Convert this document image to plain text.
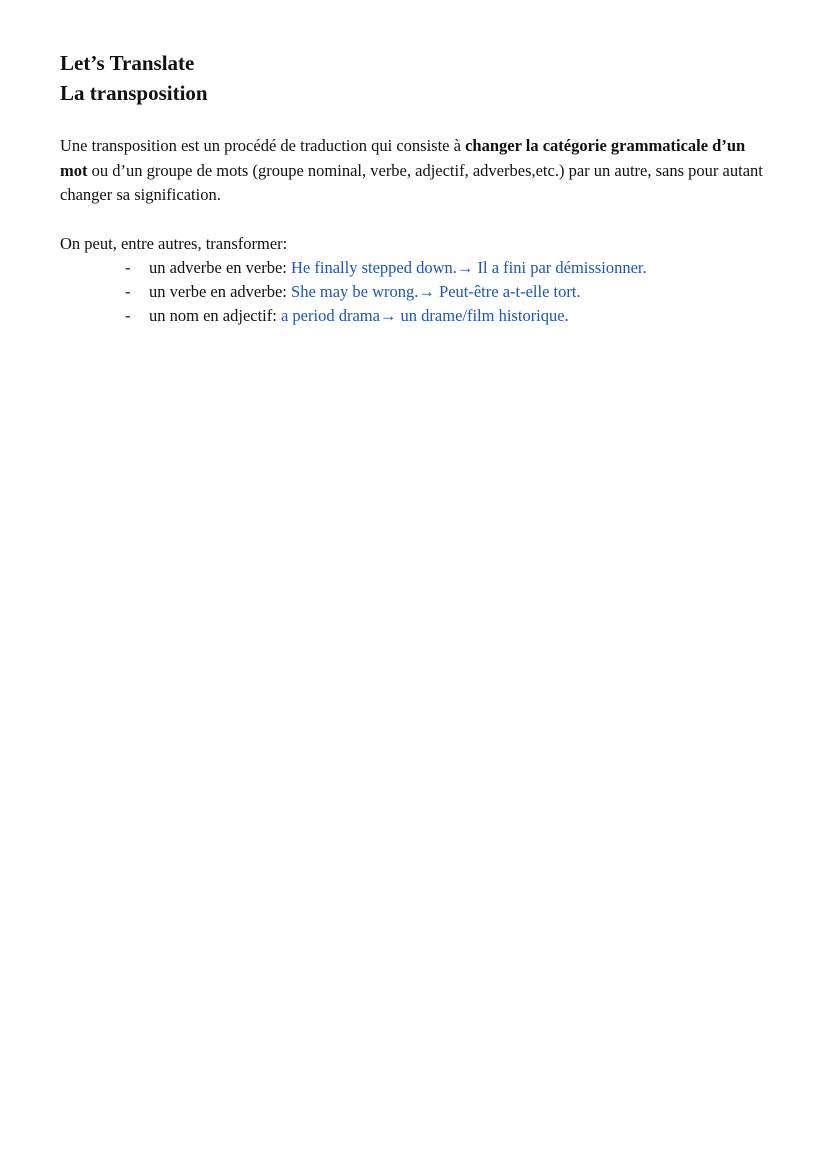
Let’s Translate
La transposition

Une transposition est un procédé de traduction qui consiste à changer la catégorie grammaticale d’un mot ou d’un groupe de mots (groupe nominal, verbe, adjectif, adverbes,etc.) par un autre, sans pour autant changer sa signification.

On peut, entre autres, transformer:

- un adverbe en verbe: He finally stepped down.→ Il a fini par démissionner.
- un verbe en adverbe: She may be wrong.→ Peut-être a-t-elle tort.
- un nom en adjectif: a period drama→ un drame/film historique.
